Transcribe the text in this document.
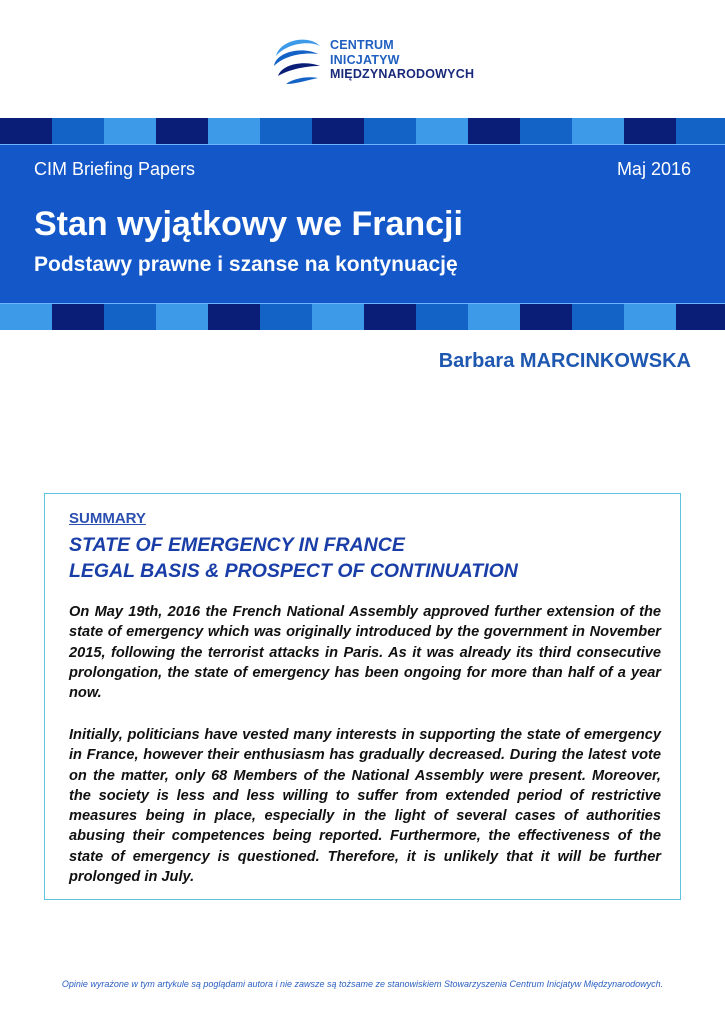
CENTRUM
INICJATYW
MIĘDZYNARODOWYCH
CIM Briefing Papers	Maj 2016
Stan wyjątkowy we Francji
Podstawy prawne i szanse na kontynuację
Barbara MARCINKOWSKA
SUMMARY
STATE OF EMERGENCY IN FRANCE
LEGAL BASIS & PROSPECT OF CONTINUATION
On May 19th, 2016 the French National Assembly approved further extension of the state of emergency which was originally introduced by the government in November 2015, following the terrorist attacks in Paris. As it was already its third consecutive prolongation, the state of emergency has been ongoing for more than half of a year now.
Initially, politicians have vested many interests in supporting the state of emergency in France, however their enthusiasm has gradually decreased. During the latest vote on the matter, only 68 Members of the National Assembly were present. Moreover, the society is less and less willing to suffer from extended period of restrictive measures being in place, especially in the light of several cases of authorities abusing their competences being reported. Furthermore, the effectiveness of the state of emergency is questioned. Therefore, it is unlikely that it will be further prolonged in July.
Opinie wyrażone w tym artykule są poglądami autora i nie zawsze są tożsame ze stanowiskiem Stowarzyszenia Centrum Inicjatyw Międzynarodowych.
